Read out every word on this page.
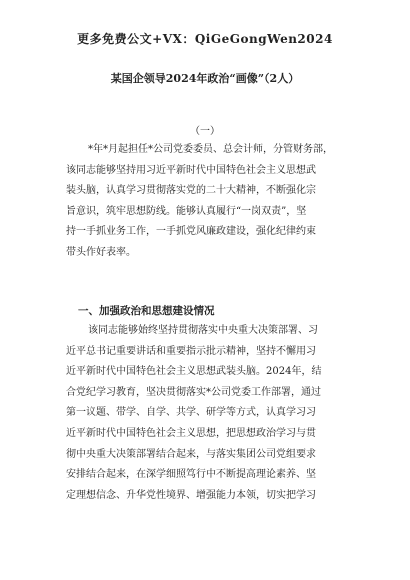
更多免费公文+VX：QiGeGongWen2024
某国企领导2024年政治“画像”（2人）
（一）
*年*月起担任*公司党委委员、总会计师，分管财务部，
该同志能够坚持用习近平新时代中国特色社会主义思想武
装头脑，认真学习贯彻落实党的二十大精神，不断强化宗
旨意识，筑牢思想防线。能够认真履行“一岗双责”，坚
持一手抓业务工作，一手抓党风廉政建设，强化纪律约束
带头作好表率。
一、加强政治和思想建设情况
该同志能够始终坚持贯彻落实中央重大决策部署、习
近平总书记重要讲话和重要指示批示精神，坚持不懈用习
近平新时代中国特色社会主义思想武装头脑。2024年，结
合党纪学习教育，坚决贯彻落实*公司党委工作部署，通过
第一议题、带学、自学、共学、研学等方式，认真学习习
近平新时代中国特色社会主义思想，把思想政治学习与贯
彻中央重大决策部署结合起来，与落实集团公司党组要求
安排结合起来，在深学细照笃行中不断提高理论素养、坚
定理想信念、升华党性境界、增强能力本领，切实把学习
